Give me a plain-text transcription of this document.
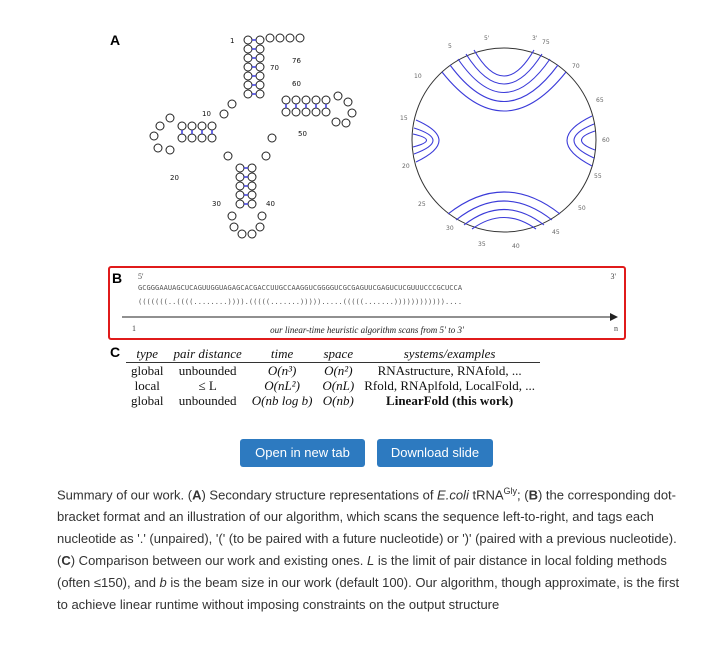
A	1
70
76
60
10
50
20
30	40
5'	3'
75
70
65
60
55
50
45
40
35
30
25
20
15
10
5
B 5'	3'
GCGGGAAUAGCUCAGUUGGUAGAGCACGACCUUGCCAAGGUCGGGGUCGCGAGUUCGAGUCUCGUUUCCCGCUCCA
(((((((..((((........)))).(((((.......))))).....(((((.......))))))))))))....
1	n
our linear-time heuristic algorithm scans from 5' to 3'
C type	pair distance	time	space	systems/examples
global	unbounded	O(n³)	O(n²)	RNAstructure, RNAfold, ...
local	≤ L	O(nL²)	O(nL)	Rfold, RNAplfold, LocalFold, ...
global	unbounded	O(nb log b)	O(nb)	LinearFold (this work)
Open in new tab	Download slide
Summary of our work. (A) Secondary structure representations of E.coli tRNA$^{Gly}$; (B) the corresponding dot-bracket format and an illustration of our algorithm, which scans the sequence left-to-right, and tags each nucleotide as '.' (unpaired), '(' (to be paired with a future nucleotide) or ')' (paired with a previous nucleotide). (C) Comparison between our work and existing ones. L is the limit of pair distance in local folding methods (often ≤150), and b is the beam size in our work (default 100). Our algorithm, though approximate, is the first to achieve linear runtime without imposing constraints on the output structure
